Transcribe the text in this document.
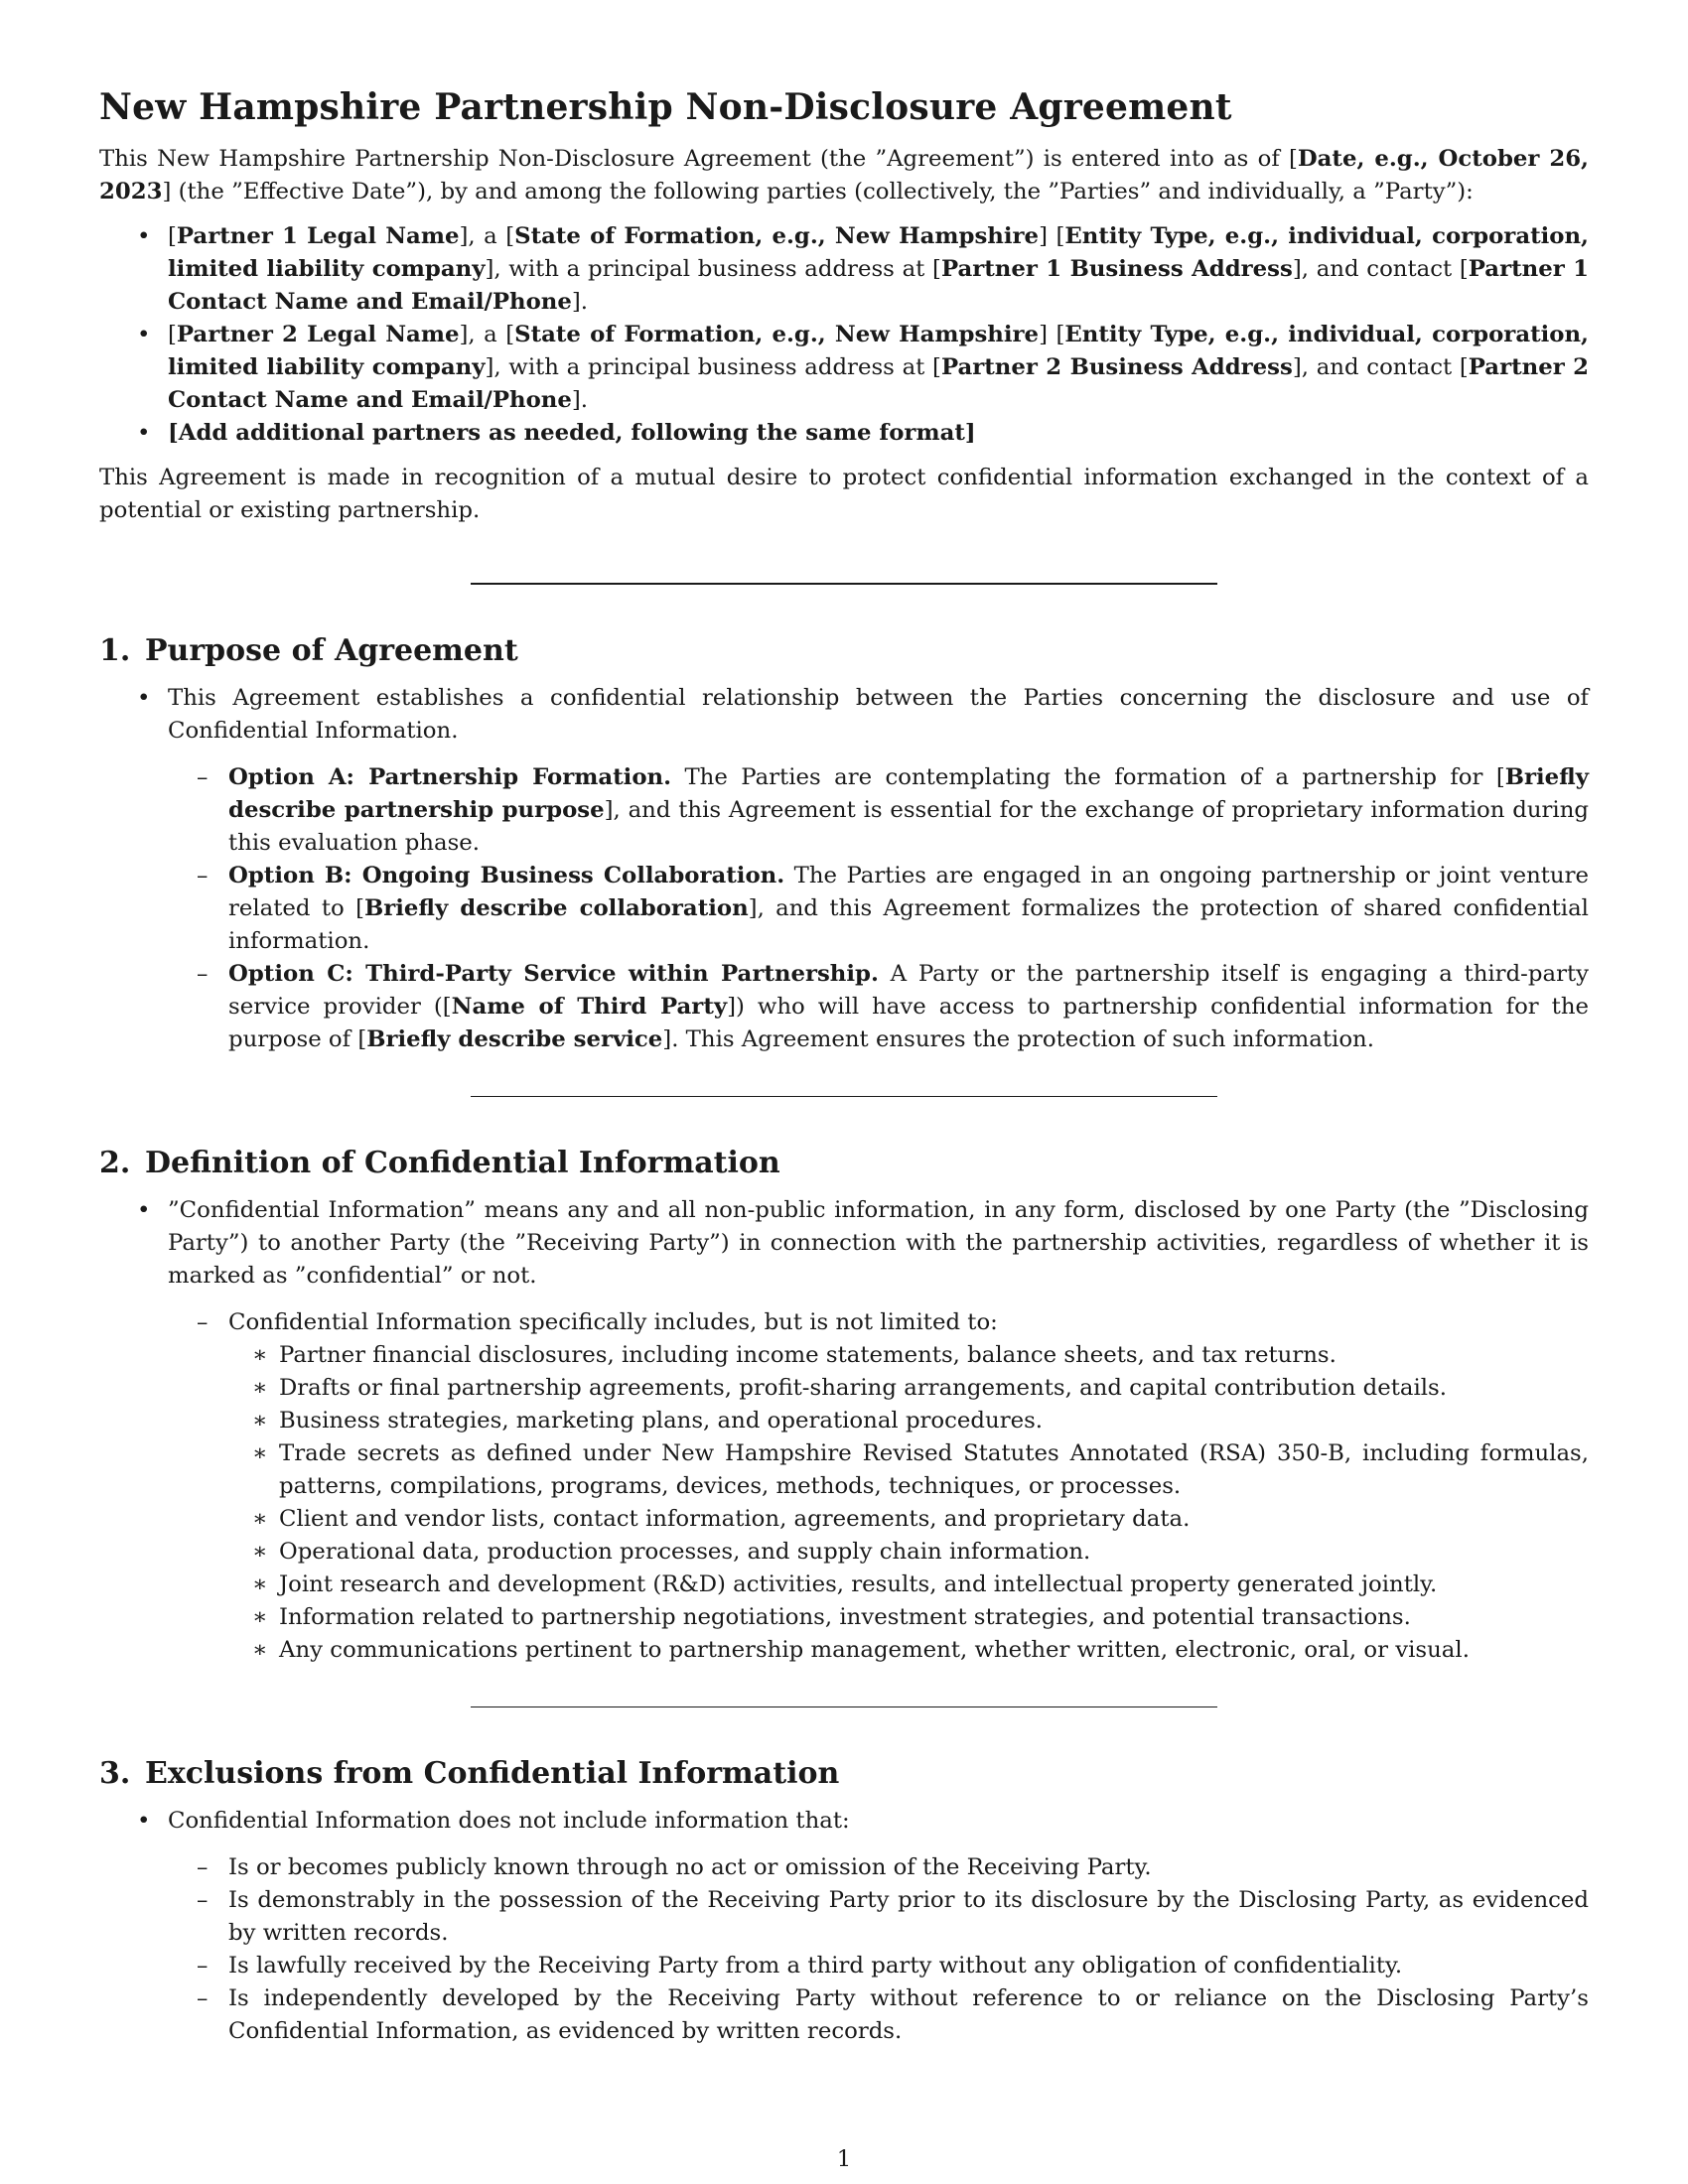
New Hampshire Partnership Non-Disclosure Agreement

This New Hampshire Partnership Non-Disclosure Agreement (the ”Agreement”) is entered into as of [Date, e.g., October 26, 2023] (the ”Effective Date”), by and among the following parties (collectively, the ”Parties” and individually, a ”Party”):

• [Partner 1 Legal Name], a [State of Formation, e.g., New Hampshire] [Entity Type, e.g., individual, corporation, limited liability company], with a principal business address at [Partner 1 Business Address], and contact [Partner 1 Contact Name and Email/Phone].
• [Partner 2 Legal Name], a [State of Formation, e.g., New Hampshire] [Entity Type, e.g., individual, corporation, limited liability company], with a principal business address at [Partner 2 Business Address], and contact [Partner 2 Contact Name and Email/Phone].
• [Add additional partners as needed, following the same format]

This Agreement is made in recognition of a mutual desire to protect confidential information exchanged in the context of a potential or existing partnership.

1. Purpose of Agreement
• This Agreement establishes a confidential relationship between the Parties concerning the disclosure and use of Confidential Information.
– Option A: Partnership Formation. The Parties are contemplating the formation of a partnership for [Briefly describe partnership purpose], and this Agreement is essential for the exchange of proprietary information during this evaluation phase.
– Option B: Ongoing Business Collaboration. The Parties are engaged in an ongoing partnership or joint venture related to [Briefly describe collaboration], and this Agreement formalizes the protection of shared confidential information.
– Option C: Third-Party Service within Partnership. A Party or the partnership itself is engaging a third-party service provider ([Name of Third Party]) who will have access to partnership confidential information for the purpose of [Briefly describe service]. This Agreement ensures the protection of such information.
2. Definition of Confidential Information
• ”Confidential Information” means any and all non-public information, in any form, disclosed by one Party (the ”Disclosing Party”) to another Party (the ”Receiving Party”) in connection with the partnership activities, regardless of whether it is marked as ”confidential” or not.
– Confidential Information specifically includes, but is not limited to:
∗ Partner financial disclosures, including income statements, balance sheets, and tax returns.
∗ Drafts or final partnership agreements, profit-sharing arrangements, and capital contribution details.
∗ Business strategies, marketing plans, and operational procedures.
∗ Trade secrets as defined under New Hampshire Revised Statutes Annotated (RSA) 350-B, including formulas, patterns, compilations, programs, devices, methods, techniques, or processes.
∗ Client and vendor lists, contact information, agreements, and proprietary data.
∗ Operational data, production processes, and supply chain information.
∗ Joint research and development (R&D) activities, results, and intellectual property generated jointly.
∗ Information related to partnership negotiations, investment strategies, and potential transactions.
∗ Any communications pertinent to partnership management, whether written, electronic, oral, or visual.
3. Exclusions from Confidential Information
• Confidential Information does not include information that:
– Is or becomes publicly known through no act or omission of the Receiving Party.
– Is demonstrably in the possession of the Receiving Party prior to its disclosure by the Disclosing Party, as evidenced by written records.
– Is lawfully received by the Receiving Party from a third party without any obligation of confidentiality.
– Is independently developed by the Receiving Party without reference to or reliance on the Disclosing Party’s Confidential Information, as evidenced by written records.
1
